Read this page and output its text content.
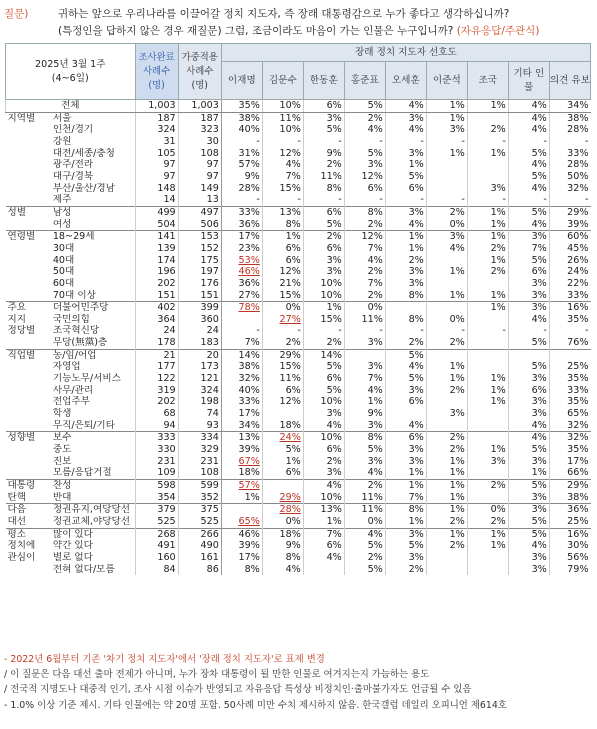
질문)	귀하는 앞으로 우리나라를 이끌어갈 정치 지도자, 즉 장래 대통령감으로 누가 좋다고 생각하십니까?
(특정인을 답하지 않은 경우 재질문) 그럼, 조금이라도 마음이 가는 인물은 누구입니까? (자유응답/주관식)
2025년 3월 1주
(4~6일)		조사완료 사례수 (명)	가중적용 사례수 (명)	장래 정치 지도자 선호도								
				이재명	김문수	한동훈	홍준표	오세훈	이준석	조국	기타 인물	의견 유보
전체		1,003	1,003	35%	10%	6%	5%	4%	1%	1%	4%	34%
지역별	서울	187	187	38%	11%	3%	2%	3%	1%		4%	38%
	인천/경기	324	323	40%	10%	5%	4%	4%	3%	2%	4%	28%
	강원	31	30	-	-	-	-	-	-	-	-	-
	대전/세종/충청	105	108	31%	12%	9%	5%	3%	1%	1%	5%	33%
	광주/전라	97	97	57%	4%	2%	3%	1%			4%	28%
	대구/경북	97	97	9%	7%	11%	12%	5%			5%	50%
	부산/울산/경남	148	149	28%	15%	8%	6%	6%		3%	4%	32%
	제주	14	13	-	-	-	-	-	-	-	-	-
성별	남성	499	497	33%	13%	6%	8%	3%	2%	1%	5%	29%
	여성	504	506	36%	8%	5%	2%	4%	0%	1%	4%	39%
연령별	18~29세	141	153	17%	1%	2%	12%	1%	3%	1%	3%	60%
	30대	139	152	23%	6%	6%	7%	1%	4%	2%	7%	45%
	40대	174	175	53%	6%	3%	4%	2%		1%	5%	26%
	50대	196	197	46%	12%	3%	2%	3%	1%	2%	6%	24%
	60대	202	176	36%	21%	10%	7%	3%			3%	22%
	70대 이상	151	151	27%	15%	10%	2%	8%	1%	1%	3%	33%
주요	더불어민주당	402	399	78%	0%	1%	0%			1%	3%	16%
지지	국민의힘	364	360		27%	15%	11%	8%	0%		4%	35%
정당별	조국혁신당	24	24	-	-	-	-	-	-	-	-	-
	무당(無黨)층	178	183	7%	2%	2%	3%	2%	2%		5%	76%
직업별	농/임/어업	21	20	14%	29%	14%		5%				
	자영업	177	173	38%	15%	5%	3%	4%	1%		5%	25%
	기능노무/서비스	122	121	32%	11%	6%	7%	5%	1%	1%	3%	35%
	사무/관리	319	324	40%	6%	5%	4%	3%	2%	1%	6%	33%
	전업주부	202	198	33%	12%	10%	1%	6%		1%	3%	35%
	학생	68	74	17%		3%	9%		3%		3%	65%
	무직/은퇴/기타	94	93	34%	18%	4%	3%	4%			4%	32%
성향별	보수	333	334	13%	24%	10%	8%	6%	2%		4%	32%
	중도	330	329	39%	5%	6%	5%	3%	2%	1%	5%	35%
	진보	231	231	67%	1%	2%	3%	3%	1%	3%	3%	17%
	모름/응답거절	109	108	18%	6%	3%	4%	1%	1%		1%	66%
대통령	찬성	598	599	57%		4%	2%	1%	1%	2%	5%	29%
탄핵	반대	354	352	1%	29%	10%	11%	7%	1%		3%	38%
다음	정권유지,여당당선	379	375		28%	13%	11%	8%	1%	0%	3%	36%
대선	정권교체,야당당선	525	525	65%	0%	1%	0%	1%	2%	2%	5%	25%
평소	많이 있다	268	266	46%	18%	7%	4%	3%	1%	1%	5%	16%
정치에	약간 있다	491	490	39%	9%	6%	5%	5%	2%	1%	4%	30%
관심이	별로 없다	160	161	17%	8%	4%	2%	3%			3%	56%
	전혀 없다/모름	84	86	8%	4%		5%	2%			3%	79%
- 2022년 6월부터 기존 '차기 정치 지도자'에서 '장래 정치 지도자'로 표제 변경
/ 이 질문은 다음 대선 출마 전제가 아니며, 누가 장차 대통령이 될 만한 인물로 여겨지는지 가늠하는 용도
/ 전국적 지명도나 대중적 인기, 조사 시점 이슈가 반영되고 자유응답 특성상 비정치인·출마불가자도 언급될 수 있음
- 1.0% 이상 기준 제시. 기타 인물에는 약 20명 포함. 50사례 미만 수치 제시하지 않음. 한국갤럽 데일리 오피니언 제614호
